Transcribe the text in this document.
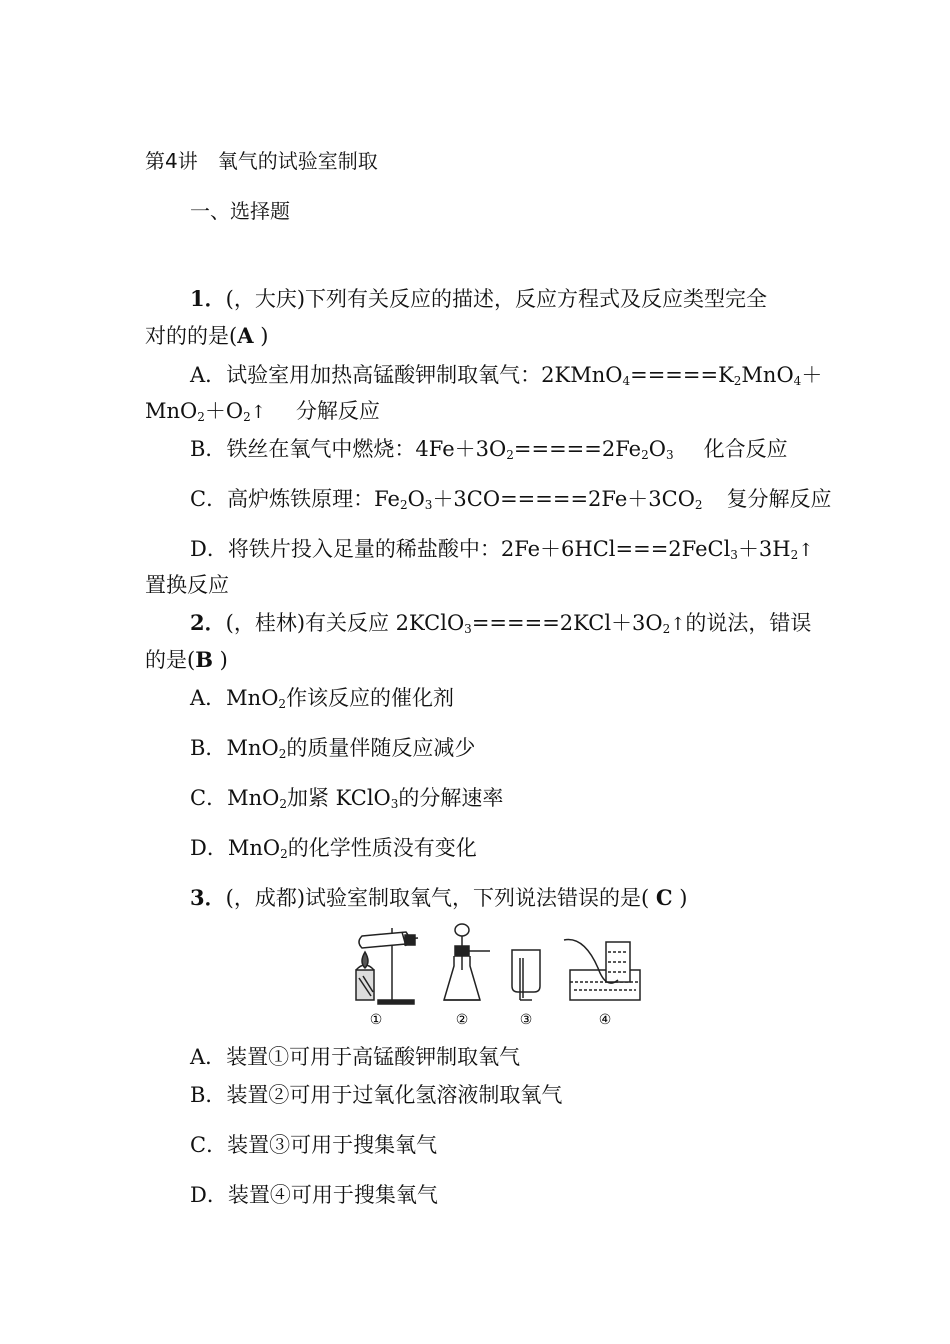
第4讲　氧气的试验室制取
一、选择题
1．(，大庆)下列有关反应的描述，反应方程式及反应类型完全
对的的是(A )
A．试验室用加热高锰酸钾制取氧气：$2KMnO_4=====K_2MnO_4+$
$MnO_2+O_2↑$ 分解反应
B．铁丝在氧气中燃烧：$4Fe+3O_2=====2Fe_2O_3$ 化合反应
C．高炉炼铁原理：$Fe_2O_3+3CO=====2Fe+3CO_2$ 复分解反应
D．将铁片投入足量的稀盐酸中：$2Fe+6HCl===2FeCl_3+3H_2↑$
置换反应
2．(，桂林)有关反应 $2KClO_3=====2KCl+3O_2↑$的说法，错误
的是(B )
A．MnO$_2$作该反应的催化剂
B．MnO$_2$的质量伴随反应减少
C．MnO$_2$加紧 KClO$_3$的分解速率
D．MnO$_2$的化学性质没有变化
3．(，成都)试验室制取氧气，下列说法错误的是( C )
①	②	③	④
A．装置①可用于高锰酸钾制取氧气
B．装置②可用于过氧化氢溶液制取氧气
C．装置③可用于搜集氧气
D．装置④可用于搜集氧气
